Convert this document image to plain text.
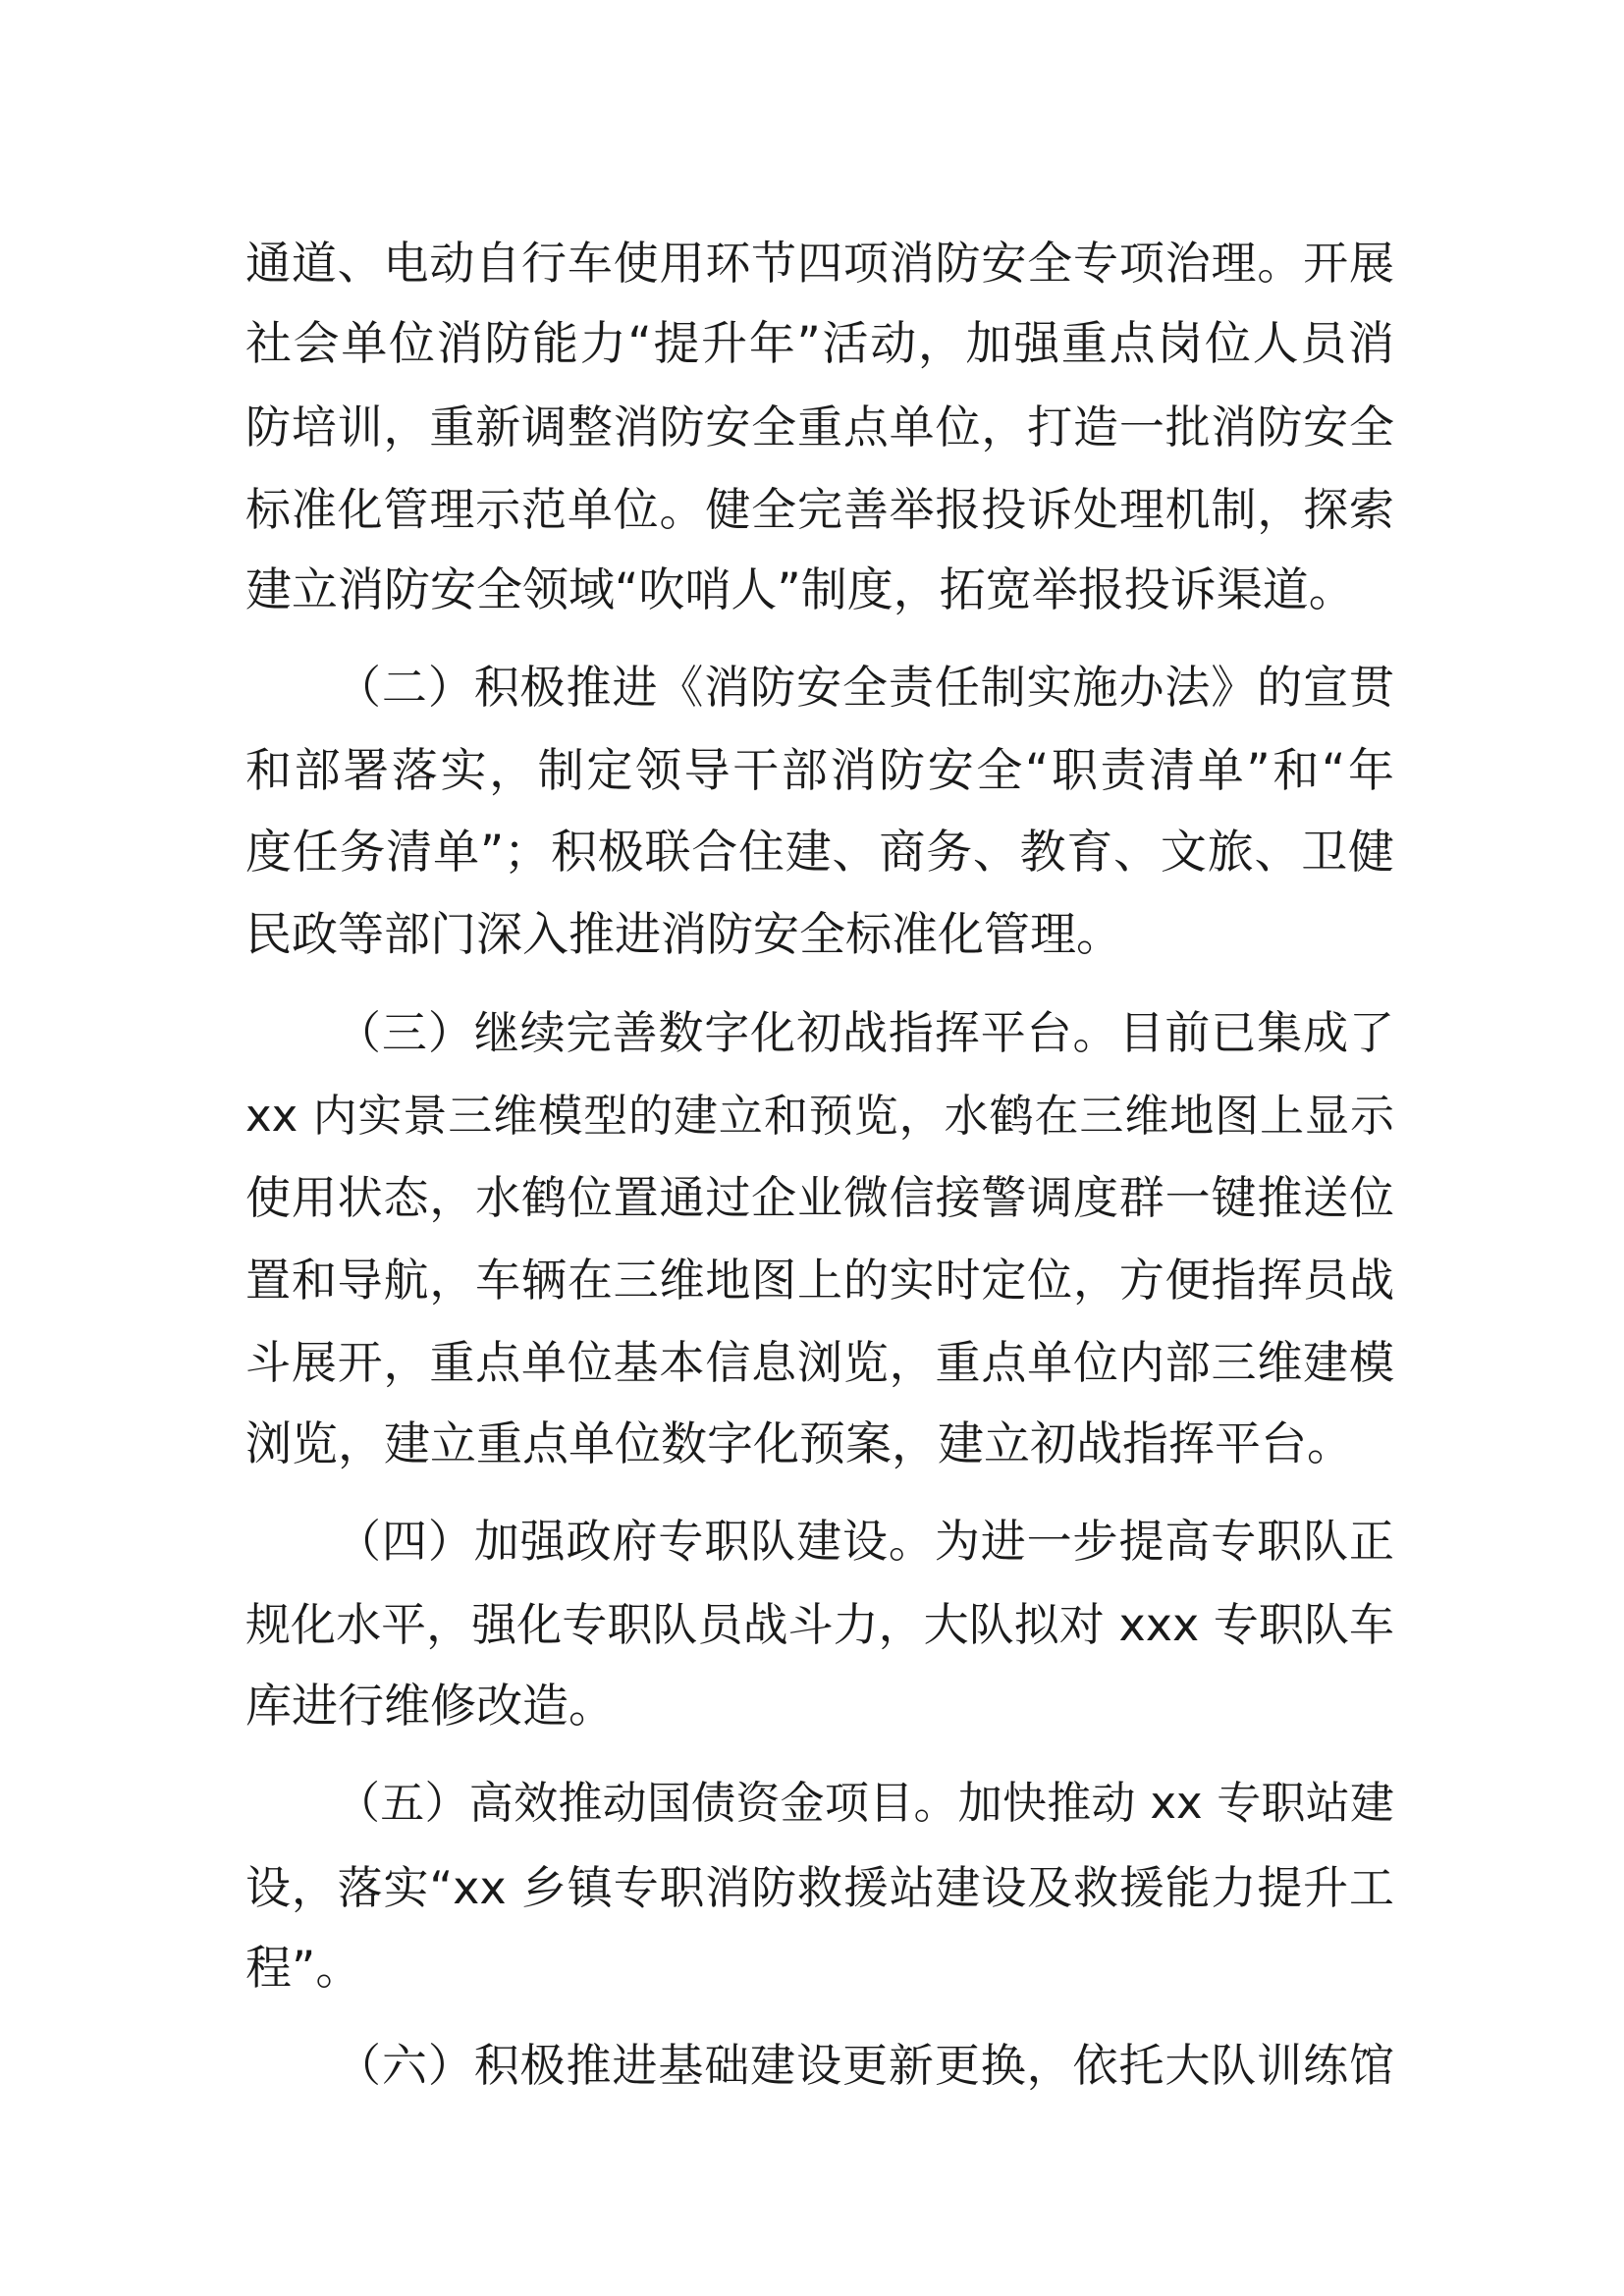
通道、电动自行车使用环节四项消防安全专项治理。开展
社会单位消防能力“提升年”活动，加强重点岗位人员消
防培训，重新调整消防安全重点单位，打造一批消防安全
标准化管理示范单位。健全完善举报投诉处理机制，探索
建立消防安全领域“吹哨人”制度，拓宽举报投诉渠道。
（二）积极推进《消防安全责任制实施办法》的宣贯
和部署落实，制定领导干部消防安全“职责清单”和“年
度任务清单”；积极联合住建、商务、教育、文旅、卫健
民政等部门深入推进消防安全标准化管理。
（三）继续完善数字化初战指挥平台。目前已集成了
xx 内实景三维模型的建立和预览，水鹤在三维地图上显示
使用状态，水鹤位置通过企业微信接警调度群一键推送位
置和导航，车辆在三维地图上的实时定位，方便指挥员战
斗展开，重点单位基本信息浏览，重点单位内部三维建模
浏览，建立重点单位数字化预案，建立初战指挥平台。
（四）加强政府专职队建设。为进一步提高专职队正
规化水平，强化专职队员战斗力，大队拟对 xxx 专职队车
库进行维修改造。
（五）高效推动国债资金项目。加快推动 xx 专职站建
设，落实“xx 乡镇专职消防救援站建设及救援能力提升工
程”。
（六）积极推进基础建设更新更换，依托大队训练馆
